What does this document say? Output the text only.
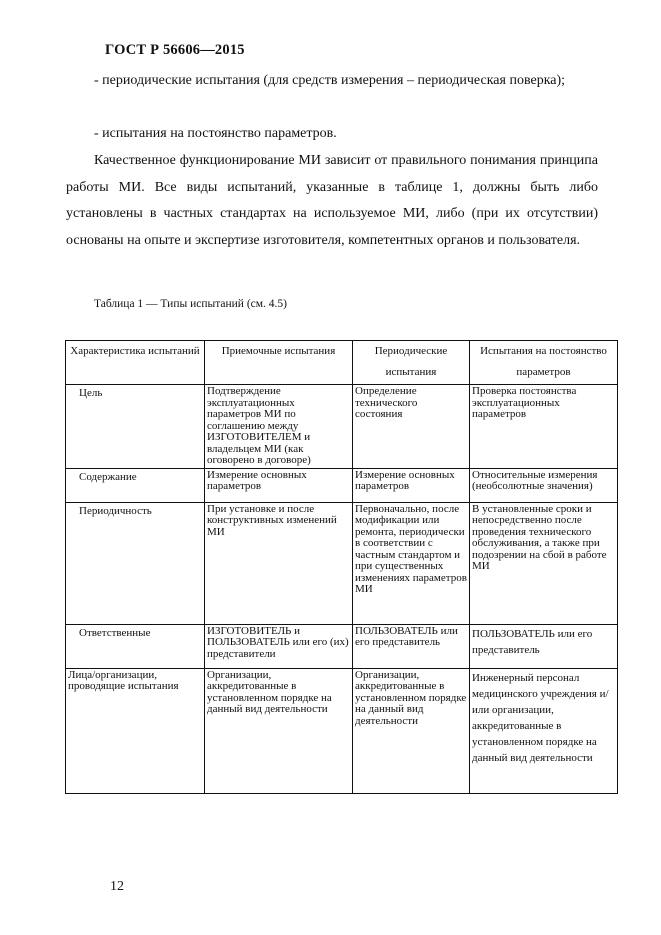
ГОСТ Р 56606—2015
- периодические испытания (для средств измерения – периодическая поверка);
- испытания на постоянство параметров.
Качественное функционирование МИ зависит от правильного понимания принципа работы МИ. Все виды испытаний, указанные в таблице 1, должны быть либо установлены в частных стандартах на используемое МИ, либо (при их отсутствии) основаны на опыте и экспертизе изготовителя, компетентных органов и пользователя.
Таблица 1 — Типы испытаний (см. 4.5)
Характеристика испытаний	Приемочные испытания	Периодические испытания	Испытания на постоянство параметров
Цель	Подтверждение эксплуатационных параметров МИ по соглашению между ИЗГОТОВИТЕЛЕМ и владельцем МИ (как оговорено в договоре)	Определение технического состояния	Проверка постоянства эксплуатационных параметров
Содержание	Измерение основных параметров	Измерение основных параметров	Относительные измерения (необсолютные значения)
Периодичность	При установке и после конструктивных изменений МИ	Первоначально, после модификации или ремонта, периодически в соответствии с частным стандартом и при существенных изменениях параметров МИ	В установленные сроки и непосредственно после проведения технического обслуживания, а также при подозрении на сбой в работе МИ
Ответственные	ИЗГОТОВИТЕЛЬ и ПОЛЬЗОВАТЕЛЬ или его (их) представители	ПОЛЬЗОВАТЕЛЬ или его представитель	ПОЛЬЗОВАТЕЛЬ или его представитель
Лица/организации, проводящие испытания	Организации, аккредитованные в установленном порядке на данный вид деятельности	Организации, аккредитованные в установленном порядке на данный вид деятельности	Инженерный персонал медицинского учреждения и/или организации, аккредитованные в установленном порядке на данный вид деятельности
12
